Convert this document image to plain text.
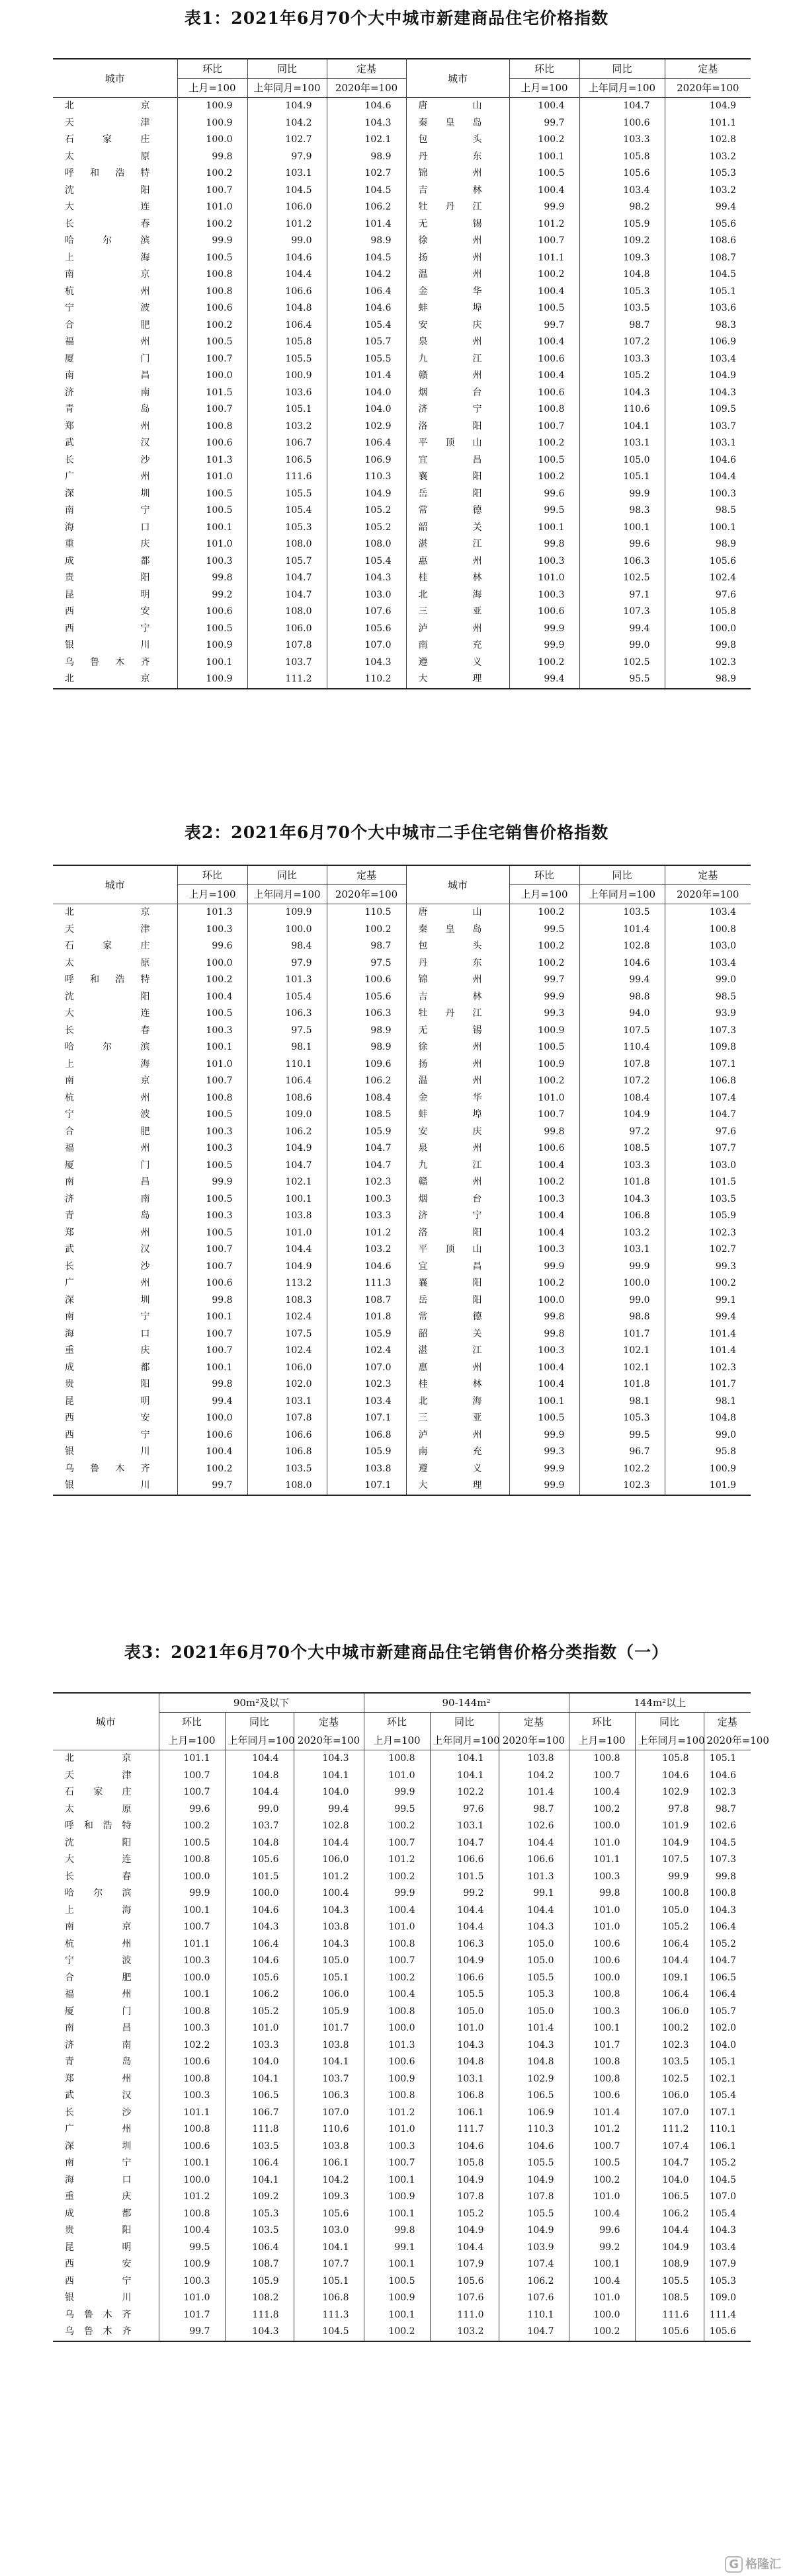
表1：2021年6月70个大中城市新建商品住宅价格指数
城市	环比	同比	定基	城市	环比	同比	定基
	上月=100	上年同月=100	2020年=100		上月=100	上年同月=100	2020年=100
北京	100.9	104.9	104.6	唐山	100.4	104.7	104.9
天津	100.9	104.2	104.3	秦皇岛	99.7	100.6	101.1
石家庄	100.0	102.7	102.1	包头	100.2	103.3	102.8
太原	99.8	97.9	98.9	丹东	100.1	105.8	103.2
呼和浩特	100.2	103.1	102.7	锦州	100.5	105.6	105.3
沈阳	100.7	104.5	104.5	吉林	100.4	103.4	103.2
大连	101.0	106.0	106.2	牡丹江	99.9	98.2	99.4
长春	100.2	101.2	101.4	无锡	101.2	105.9	105.6
哈尔滨	99.9	99.0	98.9	徐州	100.7	109.2	108.6
上海	100.5	104.6	104.5	扬州	101.1	109.3	108.7
南京	100.8	104.4	104.2	温州	100.2	104.8	104.5
杭州	100.8	106.6	106.4	金华	100.4	105.3	105.1
宁波	100.6	104.8	104.6	蚌埠	100.5	103.5	103.6
合肥	100.2	106.4	105.4	安庆	99.7	98.7	98.3
福州	100.5	105.8	105.7	泉州	100.4	107.2	106.9
厦门	100.7	105.5	105.5	九江	100.6	103.3	103.4
南昌	100.0	100.9	101.4	赣州	100.4	105.2	104.9
济南	101.5	103.6	104.0	烟台	100.6	104.3	104.3
青岛	100.7	105.1	104.0	济宁	100.8	110.6	109.5
郑州	100.8	103.2	102.9	洛阳	100.7	104.1	103.7
武汉	100.6	106.7	106.4	平顶山	100.2	103.1	103.1
长沙	101.3	106.5	106.9	宜昌	100.5	105.0	104.6
广州	101.0	111.6	110.3	襄阳	100.2	105.1	104.4
深圳	100.5	105.5	104.9	岳阳	99.6	99.9	100.3
南宁	100.5	105.4	105.2	常德	99.5	98.3	98.5
海口	100.1	105.3	105.2	韶关	100.1	100.1	100.1
重庆	101.0	108.0	108.0	湛江	99.8	99.6	98.9
成都	100.3	105.7	105.4	惠州	100.3	106.3	105.6
贵阳	99.8	104.7	104.3	桂林	101.0	102.5	102.4
昆明	99.2	104.7	103.0	北海	100.3	97.1	97.6
西安	100.6	108.0	107.6	三亚	100.6	107.3	105.8
西宁	100.5	106.0	105.6	泸州	99.9	99.4	100.0
银川	100.9	107.8	107.0	南充	99.9	99.0	99.8
乌鲁木齐	100.1	103.7	104.3	遵义	100.2	102.5	102.3
北京	100.9	111.2	110.2	大理	99.4	95.5	98.9
表2：2021年6月70个大中城市二手住宅销售价格指数
城市	环比	同比	定基	城市	环比	同比	定基
	上月=100	上年同月=100	2020年=100		上月=100	上年同月=100	2020年=100
北京	101.3	109.9	110.5	唐山	100.2	103.5	103.4
天津	100.3	100.0	100.2	秦皇岛	99.5	101.4	100.8
石家庄	99.6	98.4	98.7	包头	100.2	102.8	103.0
太原	100.0	97.9	97.5	丹东	100.2	104.6	103.4
呼和浩特	100.2	101.3	100.6	锦州	99.7	99.4	99.0
沈阳	100.4	105.4	105.6	吉林	99.9	98.8	98.5
大连	100.5	106.3	106.3	牡丹江	99.3	94.0	93.9
长春	100.3	97.5	98.9	无锡	100.9	107.5	107.3
哈尔滨	100.1	98.1	98.9	徐州	100.5	110.4	109.8
上海	101.0	110.1	109.6	扬州	100.9	107.8	107.1
南京	100.7	106.4	106.2	温州	100.2	107.2	106.8
杭州	100.8	108.6	108.4	金华	101.0	108.4	107.4
宁波	100.5	109.0	108.5	蚌埠	100.7	104.9	104.7
合肥	100.3	106.2	105.9	安庆	99.8	97.2	97.6
福州	100.3	104.9	104.7	泉州	100.6	108.5	107.7
厦门	100.5	104.7	104.7	九江	100.4	103.3	103.0
南昌	99.9	102.1	102.3	赣州	100.2	101.8	101.5
济南	100.5	100.1	100.3	烟台	100.3	104.3	103.5
青岛	100.3	103.8	103.3	济宁	100.4	106.8	105.9
郑州	100.5	101.0	101.2	洛阳	100.4	103.2	102.3
武汉	100.7	104.4	103.2	平顶山	100.3	103.1	102.7
长沙	100.7	104.9	104.6	宜昌	99.9	99.9	99.3
广州	100.6	113.2	111.3	襄阳	100.2	100.0	100.2
深圳	99.8	108.3	108.7	岳阳	100.0	99.0	99.1
南宁	100.1	102.4	101.8	常德	99.8	98.8	99.4
海口	100.7	107.5	105.9	韶关	99.8	101.7	101.4
重庆	100.7	102.4	102.4	湛江	100.3	102.1	101.4
成都	100.1	106.0	107.0	惠州	100.4	102.1	102.3
贵阳	99.8	102.0	102.3	桂林	100.4	101.8	101.7
昆明	99.4	103.1	103.4	北海	100.1	98.1	98.1
西安	100.0	107.8	107.1	三亚	100.5	105.3	104.8
西宁	100.6	106.6	106.8	泸州	99.9	99.5	99.0
银川	100.4	106.8	105.9	南充	99.3	96.7	95.8
乌鲁木齐	100.2	103.5	103.8	遵义	99.9	102.2	100.9
银川	99.7	108.0	107.1	大理	99.9	102.3	101.9
表3：2021年6月70个大中城市新建商品住宅销售价格分类指数（一）
城市	90m²及以下			90-144m²			144m²以上		
	环比	同比	定基	环比	同比	定基	环比	同比	定基
	上月=100	上年同月=100	2020年=100	上月=100	上年同月=100	2020年=100	上月=100	上年同月=100	2020年=100
北京	101.1	104.4	104.3	100.8	104.1	103.8	100.8	105.8	105.1
天津	100.7	104.8	104.1	101.0	104.1	104.2	100.7	104.6	104.6
石家庄	100.7	104.4	104.0	99.9	102.2	101.4	100.4	102.9	102.3
太原	99.6	99.0	99.4	99.5	97.6	98.7	100.2	97.8	98.7
呼和浩特	100.2	103.7	102.8	100.2	103.1	102.6	100.0	101.9	102.6
沈阳	100.5	104.8	104.4	100.7	104.7	104.4	101.0	104.9	104.5
大连	100.8	105.6	106.0	101.2	106.6	106.6	101.1	107.5	107.3
长春	100.0	101.5	101.2	100.2	101.5	101.3	100.3	99.9	99.8
哈尔滨	99.9	100.0	100.4	99.9	99.2	99.1	99.8	100.8	100.8
上海	100.1	104.6	104.3	100.4	104.4	104.4	101.0	105.0	104.3
南京	100.7	104.3	103.8	101.0	104.4	104.3	101.0	105.2	106.4
杭州	101.1	106.4	104.3	100.8	106.3	105.0	100.6	106.4	105.2
宁波	100.3	104.6	105.0	100.7	104.9	105.0	100.6	104.4	104.7
合肥	100.0	105.6	105.1	100.2	106.6	105.5	100.0	109.1	106.5
福州	100.1	106.2	106.0	100.4	105.5	105.3	100.8	106.4	106.4
厦门	100.8	105.2	105.9	100.8	105.0	105.0	100.3	106.0	105.7
南昌	100.3	101.0	101.7	100.0	101.0	101.4	100.1	100.2	102.0
济南	102.2	103.3	103.8	101.3	104.3	104.3	101.7	102.3	104.0
青岛	100.6	104.0	104.1	100.6	104.8	104.8	100.8	103.5	105.1
郑州	100.8	104.1	103.7	100.9	103.1	102.9	100.8	102.5	102.1
武汉	100.3	106.5	106.3	100.8	106.8	106.5	100.6	106.0	105.4
长沙	101.1	106.7	107.0	101.2	106.1	106.9	101.4	107.0	107.1
广州	100.8	111.8	110.6	101.0	111.7	110.3	101.2	111.2	110.1
深圳	100.6	103.5	103.8	100.3	104.6	104.6	100.7	107.4	106.1
南宁	100.1	106.4	106.1	100.7	105.8	105.5	100.5	104.7	105.2
海口	100.0	104.1	104.2	100.1	104.9	104.9	100.2	104.0	104.5
重庆	101.2	109.2	109.3	100.9	107.8	107.8	101.0	106.5	107.0
成都	100.8	105.3	105.6	100.1	105.2	105.5	100.4	106.2	105.4
贵阳	100.4	103.5	103.0	99.8	104.9	104.9	99.6	104.4	104.3
昆明	99.5	106.4	104.1	99.1	104.4	103.9	99.2	104.9	103.4
西安	100.9	108.7	107.7	100.1	107.9	107.4	100.1	108.9	107.9
西宁	100.3	105.9	105.1	100.5	105.6	106.2	100.4	105.5	105.3
银川	101.0	108.2	106.8	100.9	107.6	107.6	101.0	108.5	109.0
乌鲁木齐	101.7	111.8	111.3	100.1	111.0	110.1	100.0	111.6	111.4
乌鲁木齐	99.7	104.3	104.5	100.2	103.2	104.7	100.2	105.6	105.6
G 格隆汇
